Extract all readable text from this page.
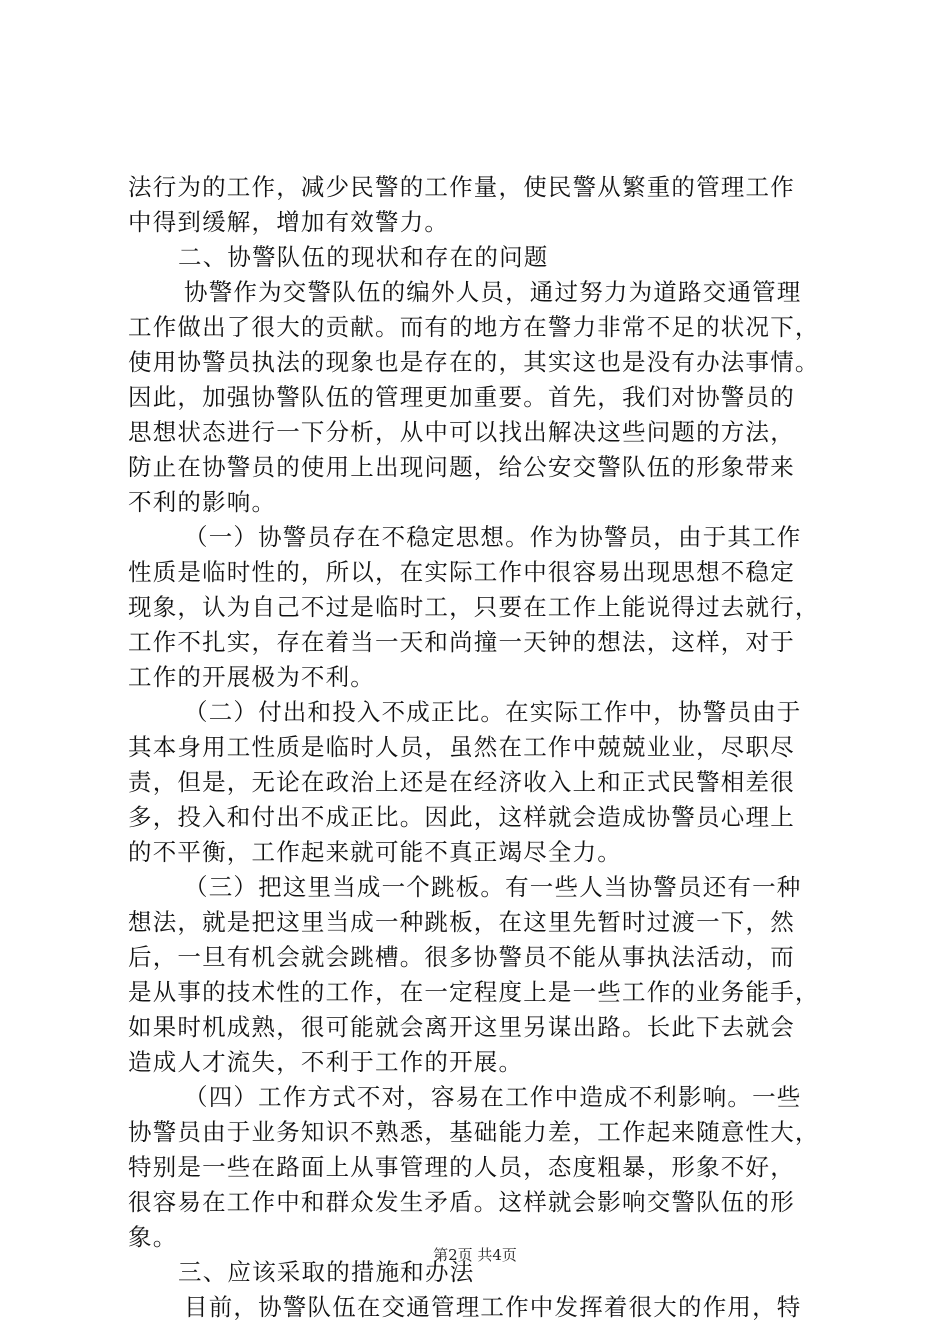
法行为的工作，减少民警的工作量，使民警从繁重的管理工作
中得到缓解，增加有效警力。
二、协警队伍的现状和存在的问题
协警作为交警队伍的编外人员，通过努力为道路交通管理
工作做出了很大的贡献。而有的地方在警力非常不足的状况下，
使用协警员执法的现象也是存在的，其实这也是没有办法事情。
因此，加强协警队伍的管理更加重要。首先，我们对协警员的
思想状态进行一下分析，从中可以找出解决这些问题的方法，
防止在协警员的使用上出现问题，给公安交警队伍的形象带来
不利的影响。
（一）协警员存在不稳定思想。作为协警员，由于其工作
性质是临时性的，所以，在实际工作中很容易出现思想不稳定
现象，认为自己不过是临时工，只要在工作上能说得过去就行，
工作不扎实，存在着当一天和尚撞一天钟的想法，这样，对于
工作的开展极为不利。
（二）付出和投入不成正比。在实际工作中，协警员由于
其本身用工性质是临时人员，虽然在工作中兢兢业业，尽职尽
责，但是，无论在政治上还是在经济收入上和正式民警相差很
多，投入和付出不成正比。因此，这样就会造成协警员心理上
的不平衡，工作起来就可能不真正竭尽全力。
（三）把这里当成一个跳板。有一些人当协警员还有一种
想法，就是把这里当成一种跳板，在这里先暂时过渡一下，然
后，一旦有机会就会跳槽。很多协警员不能从事执法活动，而
是从事的技术性的工作，在一定程度上是一些工作的业务能手，
如果时机成熟，很可能就会离开这里另谋出路。长此下去就会
造成人才流失，不利于工作的开展。
（四）工作方式不对，容易在工作中造成不利影响。一些
协警员由于业务知识不熟悉，基础能力差，工作起来随意性大，
特别是一些在路面上从事管理的人员，态度粗暴，形象不好，
很容易在工作中和群众发生矛盾。这样就会影响交警队伍的形
象。
三、应该采取的措施和办法
目前，协警队伍在交通管理工作中发挥着很大的作用，特
第2页 共4页
